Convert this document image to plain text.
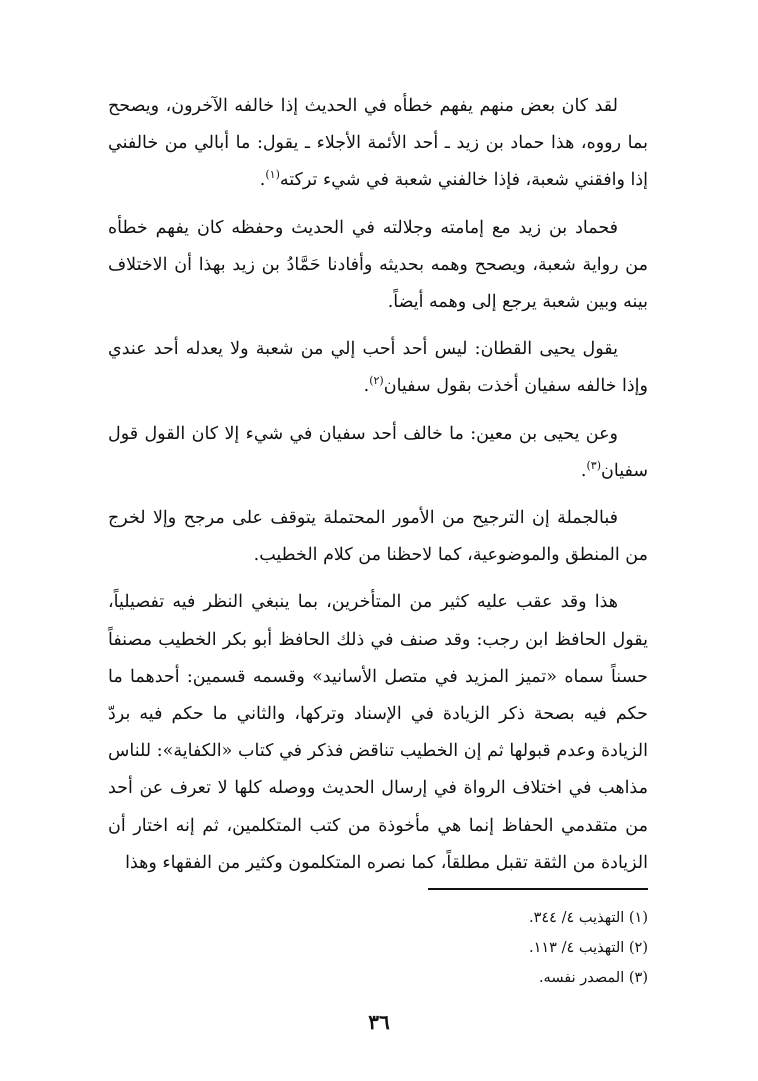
لقد كان بعض منهم يفهم خطأه في الحديث إذا خالفه الآخرون، ويصحح بما رووه، هذا حماد بن زيد ـ أحد الأئمة الأجلاء ـ يقول: ما أبالي من خالفني إذا وافقني شعبة، فإذا خالفني شعبة في شيء تركته$^{(١)}$.

فحماد بن زيد مع إمامته وجلالته في الحديث وحفظه كان يفهم خطأه من رواية شعبة، ويصحح وهمه بحديثه وأفادنا حَمَّادُ بن زيد بهذا أن الاختلاف بينه وبين شعبة يرجع إلى وهمه أيضاً.

يقول يحيى القطان: ليس أحد أحب إلي من شعبة ولا يعدله أحد عندي وإذا خالفه سفيان أخذت بقول سفيان$^{(٢)}$.

وعن يحيى بن معين: ما خالف أحد سفيان في شيء إلا كان القول قول سفيان$^{(٣)}$.

فبالجملة إن الترجيح من الأمور المحتملة يتوقف على مرجح وإلا لخرج من المنطق والموضوعية، كما لاحظنا من كلام الخطيب.

هذا وقد عقب عليه كثير من المتأخرين، بما ينبغي النظر فيه تفصيلياً، يقول الحافظ ابن رجب: وقد صنف في ذلك الحافظ أبو بكر الخطيب مصنفاً حسناً سماه «تميز المزيد في متصل الأسانيد» وقسمه قسمين: أحدهما ما حكم فيه بصحة ذكر الزيادة في الإسناد وتركها، والثاني ما حكم فيه بردّ الزيادة وعدم قبولها ثم إن الخطيب تناقض فذكر في كتاب «الكفاية»: للناس مذاهب في اختلاف الرواة في إرسال الحديث ووصله كلها لا تعرف عن أحد من متقدمي الحفاظ إنما هي مأخوذة من كتب المتكلمين، ثم إنه اختار أن الزيادة من الثقة تقبل مطلقاً، كما نصره المتكلمون وكثير من الفقهاء وهذا

(١) التهذيب ٤/ ٣٤٤.

(٢) التهذيب ٤/ ١١٣.

(٣) المصدر نفسه.

٣٦
